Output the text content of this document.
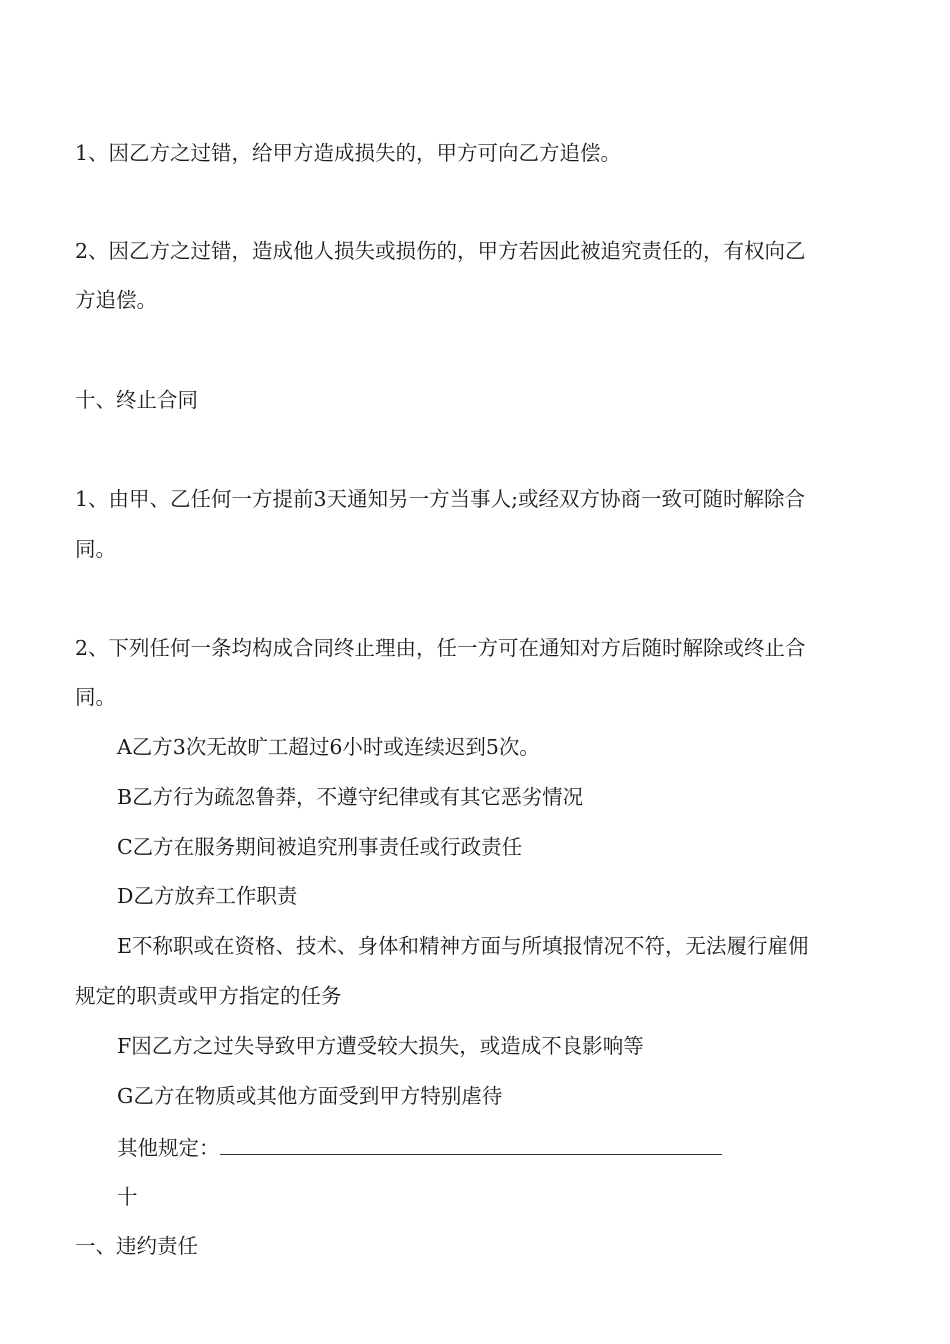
1、因乙方之过错，给甲方造成损失的，甲方可向乙方追偿。
2、因乙方之过错，造成他人损失或损伤的，甲方若因此被追究责任的，有权向乙
方追偿。
十、终止合同
1、由甲、乙任何一方提前3天通知另一方当事人;或经双方协商一致可随时解除合
同。
2、下列任何一条均构成合同终止理由，任一方可在通知对方后随时解除或终止合
同。
A乙方3次无故旷工超过6小时或连续迟到5次。
B乙方行为疏忽鲁莽，不遵守纪律或有其它恶劣情况
C乙方在服务期间被追究刑事责任或行政责任
D乙方放弃工作职责
E不称职或在资格、技术、身体和精神方面与所填报情况不符，无法履行雇佣
规定的职责或甲方指定的任务
F因乙方之过失导致甲方遭受较大损失，或造成不良影响等
G乙方在物质或其他方面受到甲方特别虐待
其他规定：
十
一、违约责任
